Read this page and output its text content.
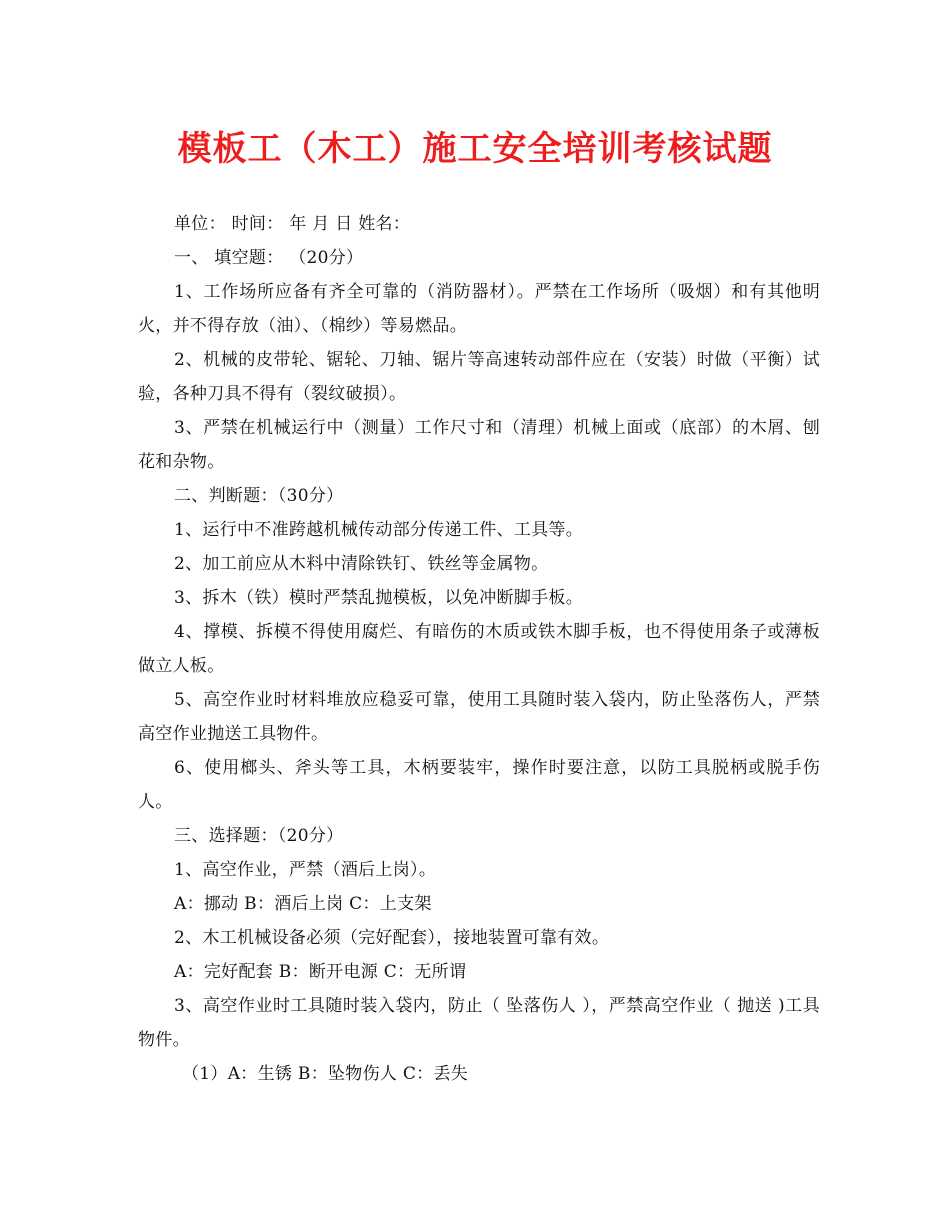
模板工（木工）施工安全培训考核试题

单位： 时间： 年 月 日 姓名：

一、 填空题： （20分）

1、工作场所应备有齐全可靠的（消防器材）。严禁在工作场所（吸烟）和有其他明火，并不得存放（油）、（棉纱）等易燃品。

2、机械的皮带轮、锯轮、刀轴、锯片等高速转动部件应在（安装）时做（平衡）试验，各种刀具不得有（裂纹破损）。

3、严禁在机械运行中（测量）工作尺寸和（清理）机械上面或（底部）的木屑、刨花和杂物。

二、判断题：（30分）

1、运行中不准跨越机械传动部分传递工件、工具等。

2、加工前应从木料中清除铁钉、铁丝等金属物。

3、拆木（铁）模时严禁乱抛模板，以免冲断脚手板。

4、撑模、拆模不得使用腐烂、有暗伤的木质或铁木脚手板，也不得使用条子或薄板做立人板。

5、高空作业时材料堆放应稳妥可靠，使用工具随时装入袋内，防止坠落伤人，严禁高空作业抛送工具物件。

6、使用榔头、斧头等工具，木柄要装牢，操作时要注意，以防工具脱柄或脱手伤人。

三、选择题：（20分）

1、高空作业，严禁（酒后上岗）。

A：挪动 B：酒后上岗 C：上支架

2、木工机械设备必须（完好配套），接地装置可靠有效。

A：完好配套 B：断开电源 C：无所谓

3、高空作业时工具随时装入袋内，防止（ 坠落伤人 ），严禁高空作业（ 抛送 )工具物件。

（1）A：生锈 B：坠物伤人 C：丢失
